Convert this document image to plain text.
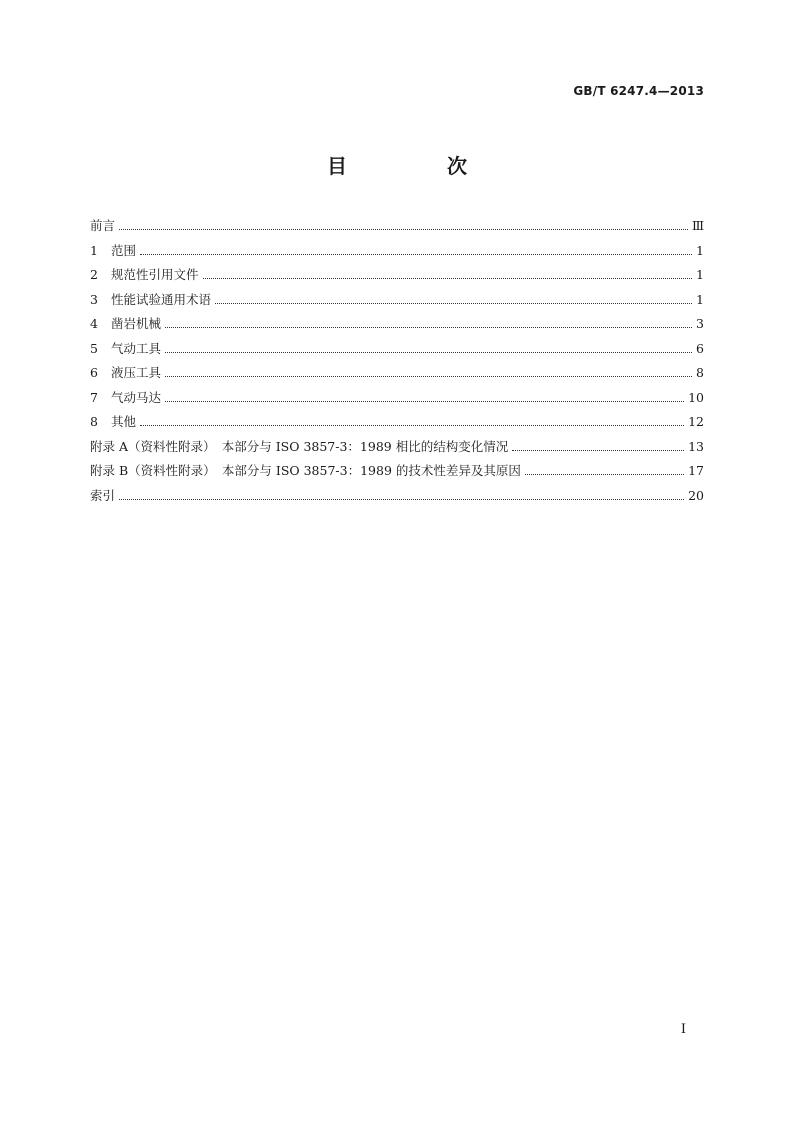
GB/T 6247.4—2013
目　次
前言	Ⅲ
1	范围	1
2	规范性引用文件	1
3	性能试验通用术语	1
4	凿岩机械	3
5	气动工具	6
6	液压工具	8
7	气动马达	10
8	其他	12
附录 A（资料性附录）　本部分与 ISO 3857-3：1989 相比的结构变化情况	13
附录 B（资料性附录）　本部分与 ISO 3857-3：1989 的技术性差异及其原因	17
索引	20
I
